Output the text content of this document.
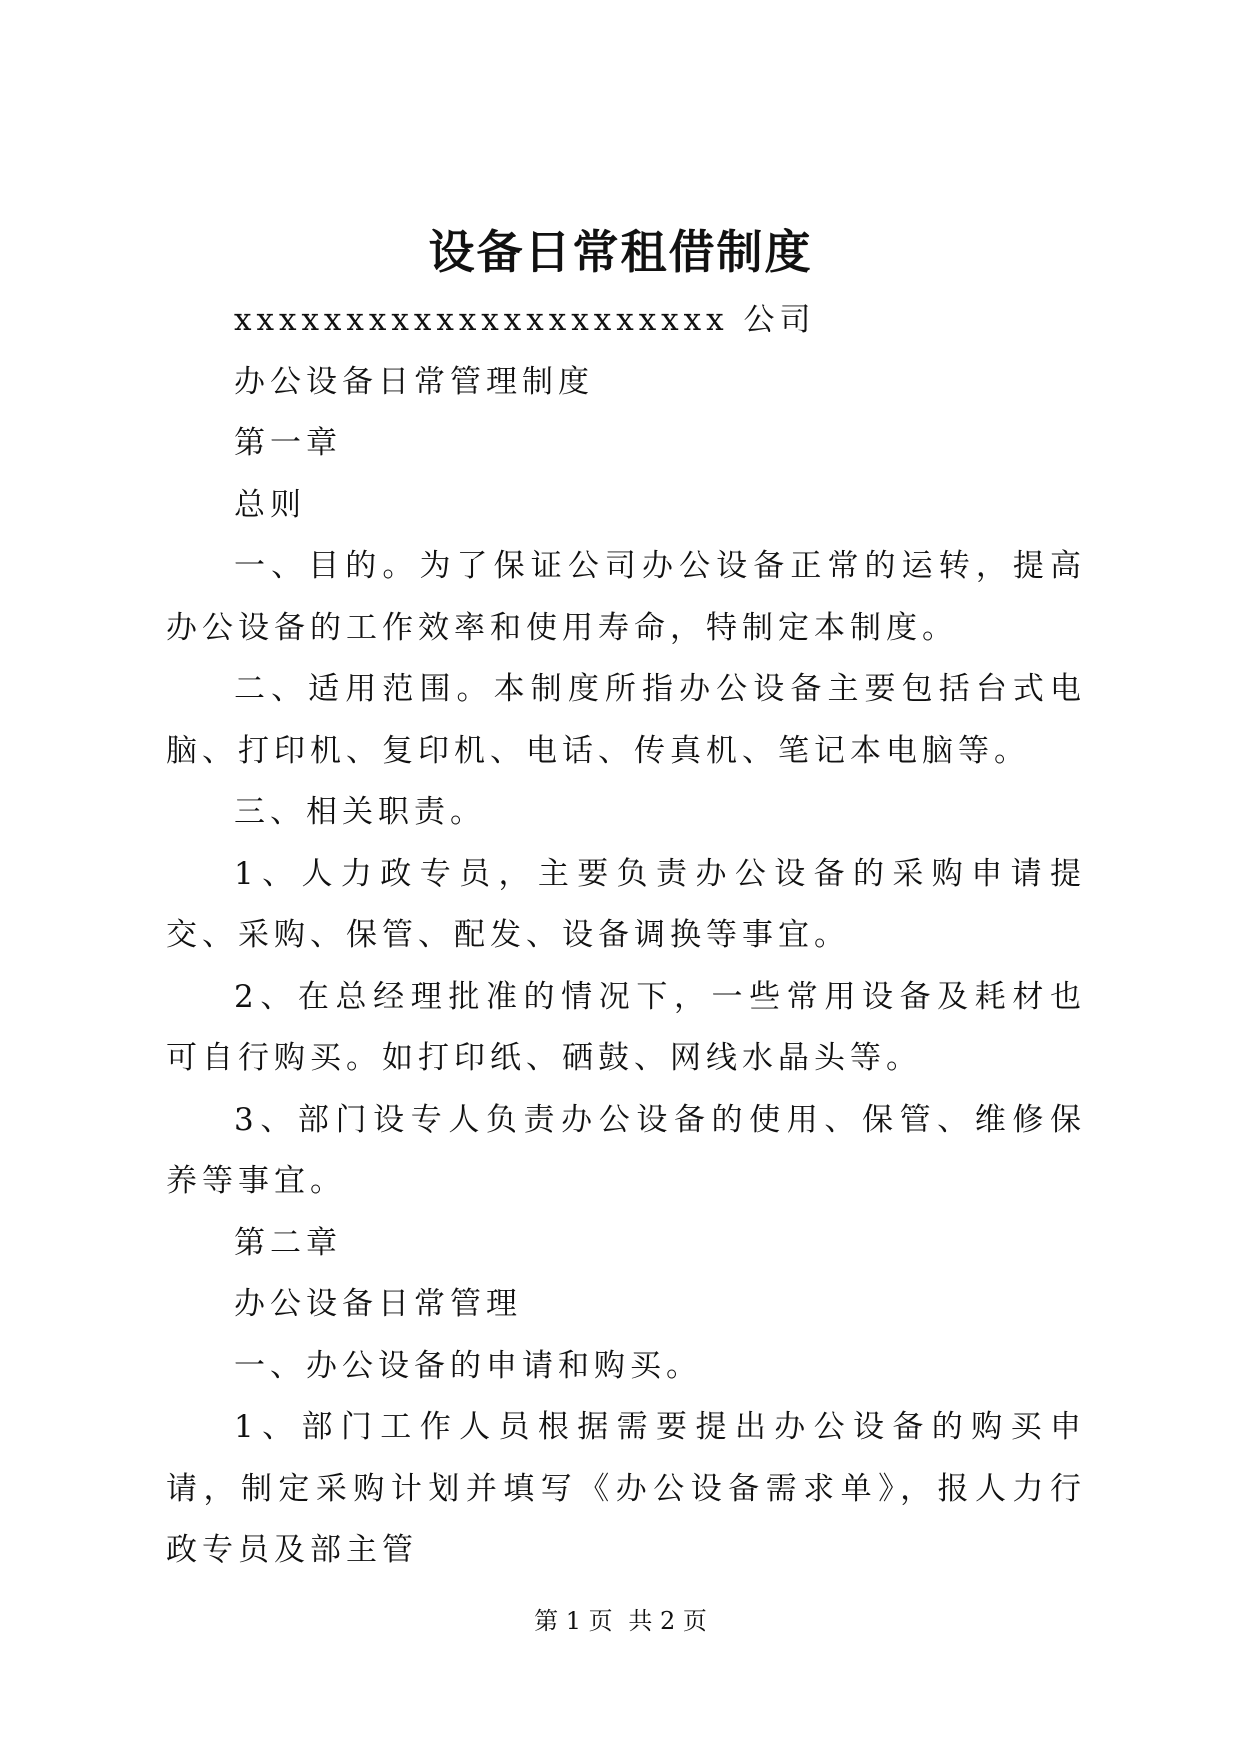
设备日常租借制度

xxxxxxxxxxxxxxxxxxxxxx 公司

办公设备日常管理制度

第一章

总则

一、目的。为了保证公司办公设备正常的运转，提高办公设备的工作效率和使用寿命，特制定本制度。

二、适用范围。本制度所指办公设备主要包括台式电脑、打印机、复印机、电话、传真机、笔记本电脑等。

三、相关职责。

1、人力政专员，主要负责办公设备的采购申请提交、采购、保管、配发、设备调换等事宜。

2、在总经理批准的情况下，一些常用设备及耗材也可自行购买。如打印纸、硒鼓、网线水晶头等。

3、部门设专人负责办公设备的使用、保管、维修保养等事宜。

第二章

办公设备日常管理

一、办公设备的申请和购买。

1、部门工作人员根据需要提出办公设备的购买申请，制定采购计划并填写《办公设备需求单》，报人力行政专员及部主管

第 1 页 共 2 页
